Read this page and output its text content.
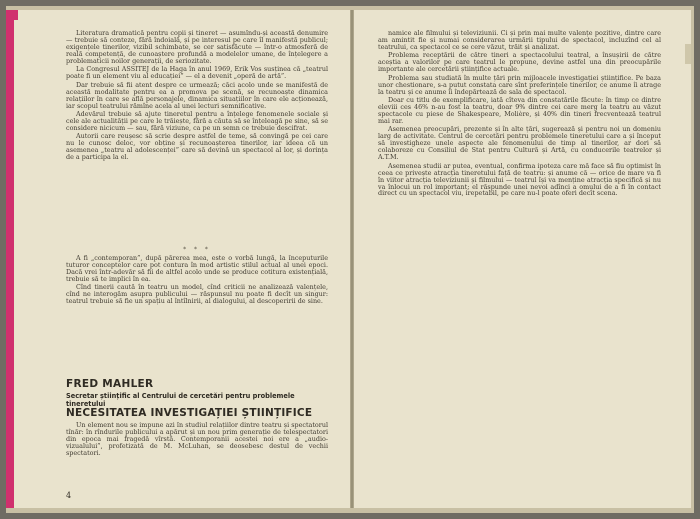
Literatura dramatică pentru copii și tineret — asumîndu-și această denumire — trebuie să conteze, fără îndoială, și pe interesul pe care îl manifestă publicul; exigențele tinerilor, vizibil schimbate, se cer satisfăcute — într-o atmosferă de reală competență, de cunoaștere profundă a modelelor umane, de înțelegere a problematicii noilor generații, de seriozitate.

La Congresul ASSITEJ de la Haga în anul 1969, Erik Vos susținea că „teatrul poate fi un element viu al educației” — el a devenit „operă de artă”.

Dar trebuie să fii atent despre ce urmează; căci acolo unde se manifestă de această modalitate pentru ea a promova pe scenă, se recunoaște dinamica relațiilor în care se află personajele, dinamica situațiilor în care ele acționează, iar scopul teatrului rămîne acela al unei lecturi semnificative.

Adevărul trebuie să ajute tineretul pentru a înțelege fenomenele sociale și cele ale actualității pe care le trăiește, fără a căuta să se înțeleagă pe sine, să se considere nicicum — sau, fără viziune, ca pe un semn ce trebuie descifrat.

Autorii care reușesc să scrie despre astfel de teme, să convingă pe cei care nu le cunosc deloc, vor obține și recunoașterea tinerilor, iar ideea că un asemenea „teatru al adolescenței” care să devină un spectacol al lor, și dorința de a participa la el.

* * *

A fi „contemporan”, după părerea mea, este o vorbă lungă, la începuturile tuturor conceptelor care pot contura în mod artistic stilul actual al unei epoci. Dacă vrei într-adevăr să fii de altfel acolo unde se produce cotitura existențială, trebuie să te implici în ea.

Cînd tinerii caută în teatru un model, cînd criticii ne analizează valențele, cînd ne interogăm asupra publicului — răspunsul nu poate fi decît un singur: teatrul trebuie să fie un spațiu al întîlnirii, al dialogului, al descoperirii de sine.

FRED MAHLER
Secretar științific al Centrului de cercetări pentru problemele tineretului
NECESITATEA INVESTIGAȚIEI ȘTIINȚIFICE

Un element nou se impune azi în studiul relațiilor dintre teatru și spectatorul tînăr: în rîndurile publicului a apărut și un nou prim generație de telespectatori din epoca mai fragedă vîrstă. Contemporanii acestei noi ere a „audio-vizualului”, profetizată de M. McLuhan, se deosebesc destul de vechii spectatori.

4

namice ale filmului și televiziunii. Ci și prin mai multe valențe pozitive, dintre care am amintit fie și numai considerarea urmării tipului de spectacol, incluzînd cel al teatrului, ca spectacol ce se cere văzut, trăit și analizat.

Problema receptării de către tineri a spectacolului teatral, a însușirii de către aceștia a valorilor pe care teatrul le propune, devine astfel una din preocupările importante ale cercetării științifice actuale.

Problema sau studiată în multe țări prin mijloacele investigației științifice. Pe baza unor chestionare, s-a putut constata care sînt preferințele tinerilor, ce anume îi atrage la teatru și ce anume îi îndepărtează de sala de spectacol.

Doar cu titlu de exemplificare, iată cîteva din constatările făcute: în timp ce dintre eleviii ces 46% n-au fost la teatru, doar 9% dintre cei care merg la teatru au văzut spectacole cu piese de Shakespeare, Molière, și 40% din tineri frecventează teatrul mai rar.

Asemenea preocupări, prezente și în alte țări, sugerează și pentru noi un domeniu larg de activitate. Centrul de cercetări pentru problemele tineretului care a și început să investigheze unele aspecte ale fenomenului de timp al tinerilor, ar dori să colaboreze cu Consiliul de Stat pentru Cultură și Artă, cu conducerile teatrelor și A.T.M.

Asemenea studii ar putea, eventual, confirma ipoteza care mă face să fiu optimist în ceea ce privește atracția tineretului față de teatru: și anume că — orice de mare va fi în viitor atracția televiziunii și filmului — teatrul își va menține atracția specifică și nu va înlocui un rol important; el răspunde unei nevoi adînci a omului de a fi în contact direct cu un spectacol viu, irepetabil, pe care nu-l poate oferi decît scena.
